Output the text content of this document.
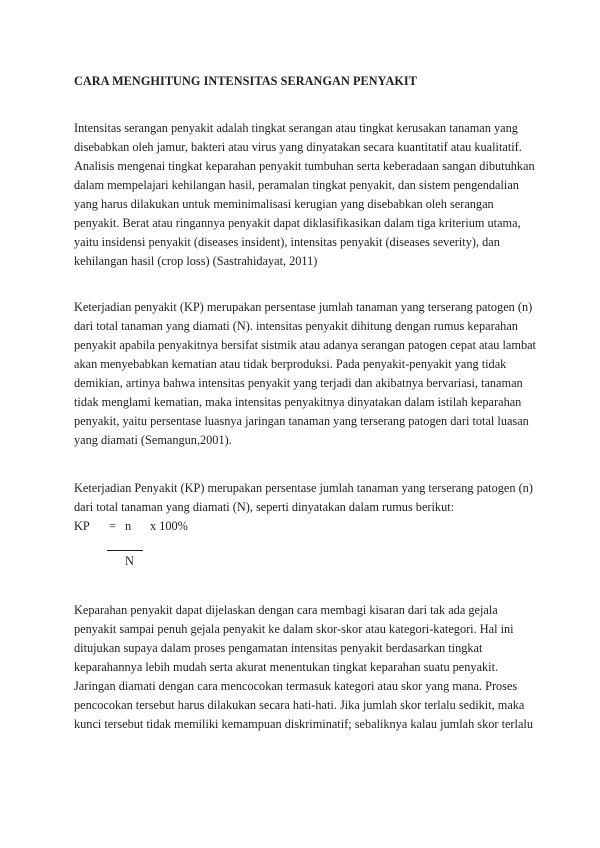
CARA MENGHITUNG INTENSITAS SERANGAN PENYAKIT
Intensitas serangan penyakit adalah tingkat serangan atau tingkat kerusakan tanaman yang
disebabkan oleh jamur, bakteri atau virus yang dinyatakan secara kuantitatif atau kualitatif.
Analisis mengenai tingkat keparahan penyakit tumbuhan serta keberadaan sangan dibutuhkan
dalam mempelajari kehilangan hasil, peramalan tingkat penyakit, dan sistem pengendalian
yang harus dilakukan untuk meminimalisasi kerugian yang disebabkan oleh serangan
penyakit. Berat atau ringannya penyakit dapat diklasifikasikan dalam tiga kriterium utama,
yaitu insidensi penyakit (diseases insident), intensitas penyakit (diseases severity), dan
kehilangan hasil (crop loss) (Sastrahidayat, 2011)
Keterjadian penyakit (KP) merupakan persentase jumlah tanaman yang terserang patogen (n)
dari total tanaman yang diamati (N). intensitas penyakit dihitung dengan rumus keparahan
penyakit apabila penyakitnya bersifat sistmik atau adanya serangan patogen cepat atau lambat
akan menyebabkan kematian atau tidak berproduksi. Pada penyakit-penyakit yang tidak
demikian, artinya bahwa intensitas penyakit yang terjadi dan akibatnya bervariasi, tanaman
tidak menglami kematian, maka intensitas penyakitnya dinyatakan dalam istilah keparahan
penyakit, yaitu persentase luasnya jaringan tanaman yang terserang patogen dari total luasan
yang diamati (Semangun,2001).
Keterjadian Penyakit (KP) merupakan persentase jumlah tanaman yang terserang patogen (n)
dari total tanaman yang diamati (N), seperti dinyatakan dalam rumus berikut:
KP = n x 100%
N
Keparahan penyakit dapat dijelaskan dengan cara membagi kisaran dari tak ada gejala
penyakit sampai penuh gejala penyakit ke dalam skor-skor atau kategori-kategori. Hal ini
ditujukan supaya dalam proses pengamatan intensitas penyakit berdasarkan tingkat
keparahannya lebih mudah serta akurat menentukan tingkat keparahan suatu penyakit.
Jaringan diamati dengan cara mencocokan termasuk kategori atau skor yang mana. Proses
pencocokan tersebut harus dilakukan secara hati-hati. Jika jumlah skor terlalu sedikit, maka
kunci tersebut tidak memiliki kemampuan diskriminatif; sebaliknya kalau jumlah skor terlalu
